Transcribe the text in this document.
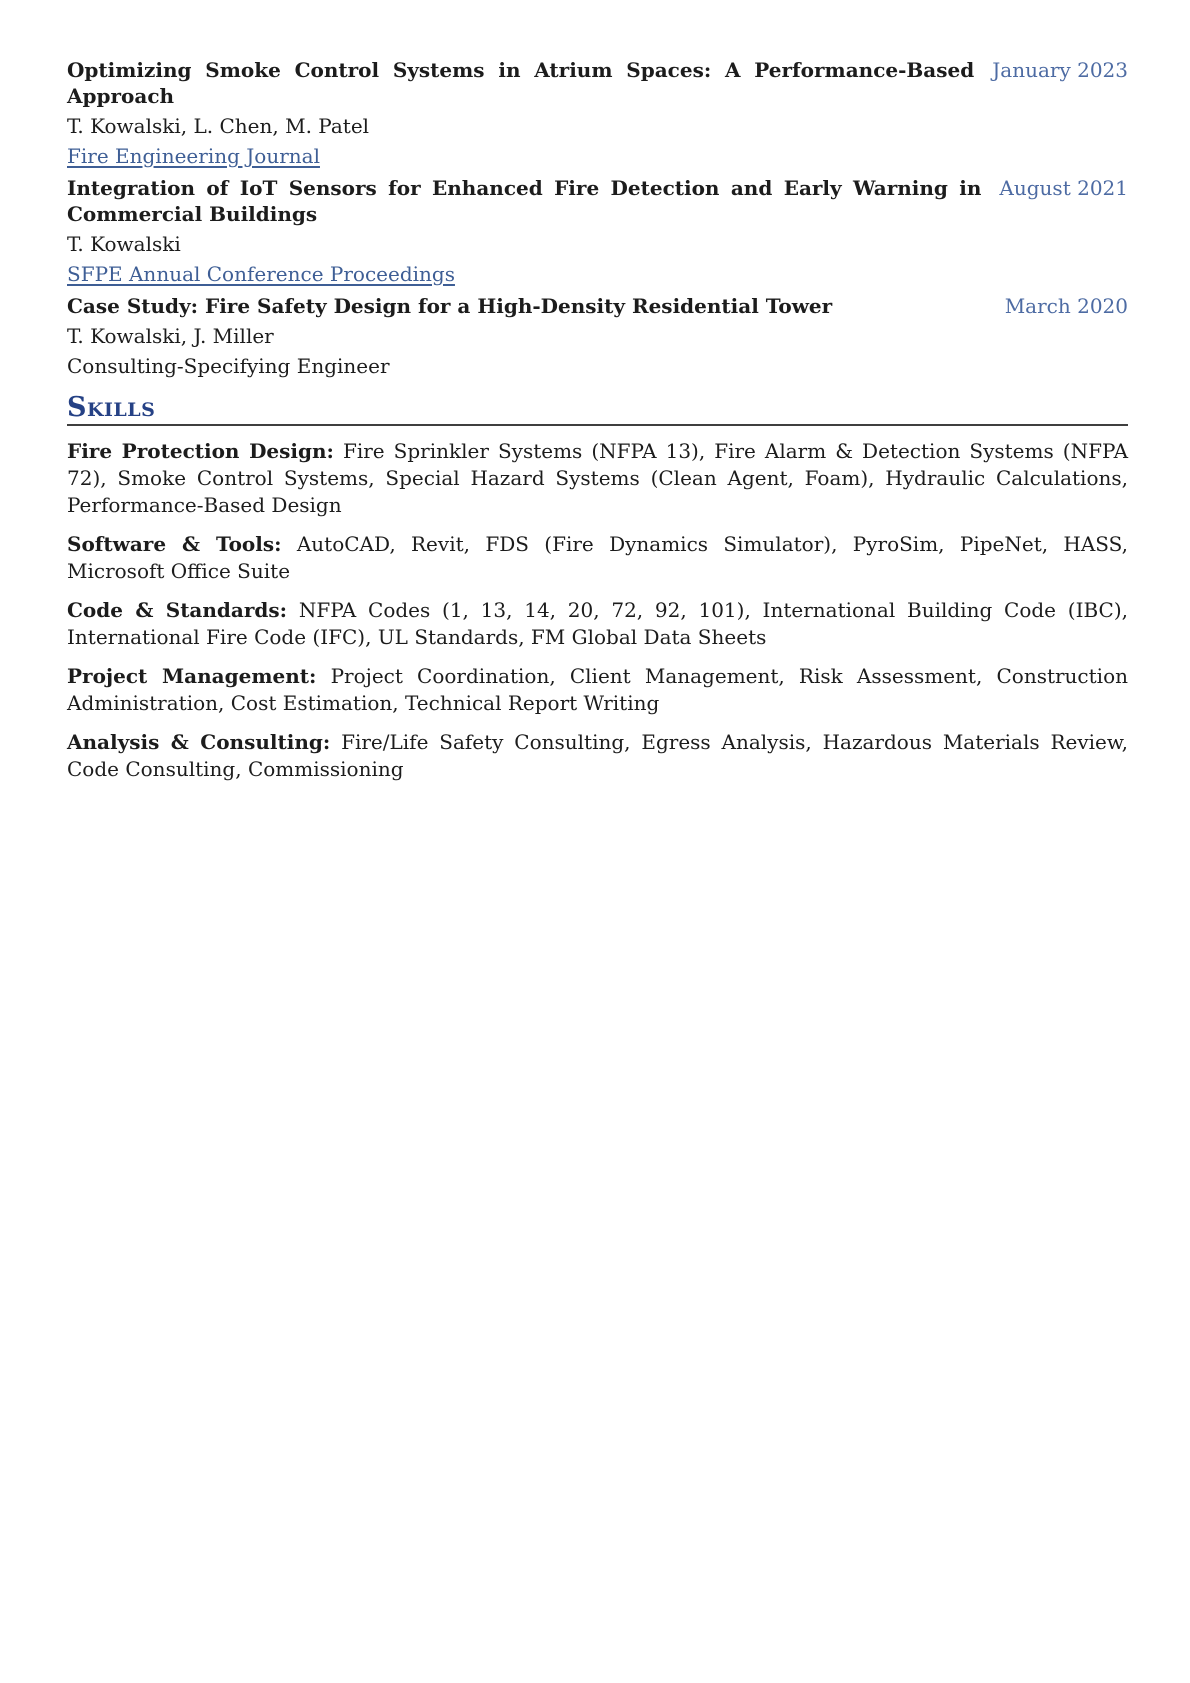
Optimizing Smoke Control Systems in Atrium Spaces: A Performance-Based Approach
January 2023
T. Kowalski, L. Chen, M. Patel
Fire Engineering Journal
Integration of IoT Sensors for Enhanced Fire Detection and Early Warning in Commercial Buildings
August 2021
T. Kowalski
SFPE Annual Conference Proceedings
Case Study: Fire Safety Design for a High-Density Residential Tower	March 2020
T. Kowalski, J. Miller
Consulting-Specifying Engineer
Skills

Fire Protection Design: Fire Sprinkler Systems (NFPA 13), Fire Alarm & Detection Systems (NFPA 72), Smoke Control Systems, Special Hazard Systems (Clean Agent, Foam), Hydraulic Calculations, Performance-Based Design

Software & Tools: AutoCAD, Revit, FDS (Fire Dynamics Simulator), PyroSim, PipeNet, HASS, Microsoft Office Suite

Code & Standards: NFPA Codes (1, 13, 14, 20, 72, 92, 101), International Building Code (IBC), International Fire Code (IFC), UL Standards, FM Global Data Sheets

Project Management: Project Coordination, Client Management, Risk Assessment, Construction Administration, Cost Estimation, Technical Report Writing

Analysis & Consulting: Fire/Life Safety Consulting, Egress Analysis, Hazardous Materials Review, Code Consulting, Commissioning
